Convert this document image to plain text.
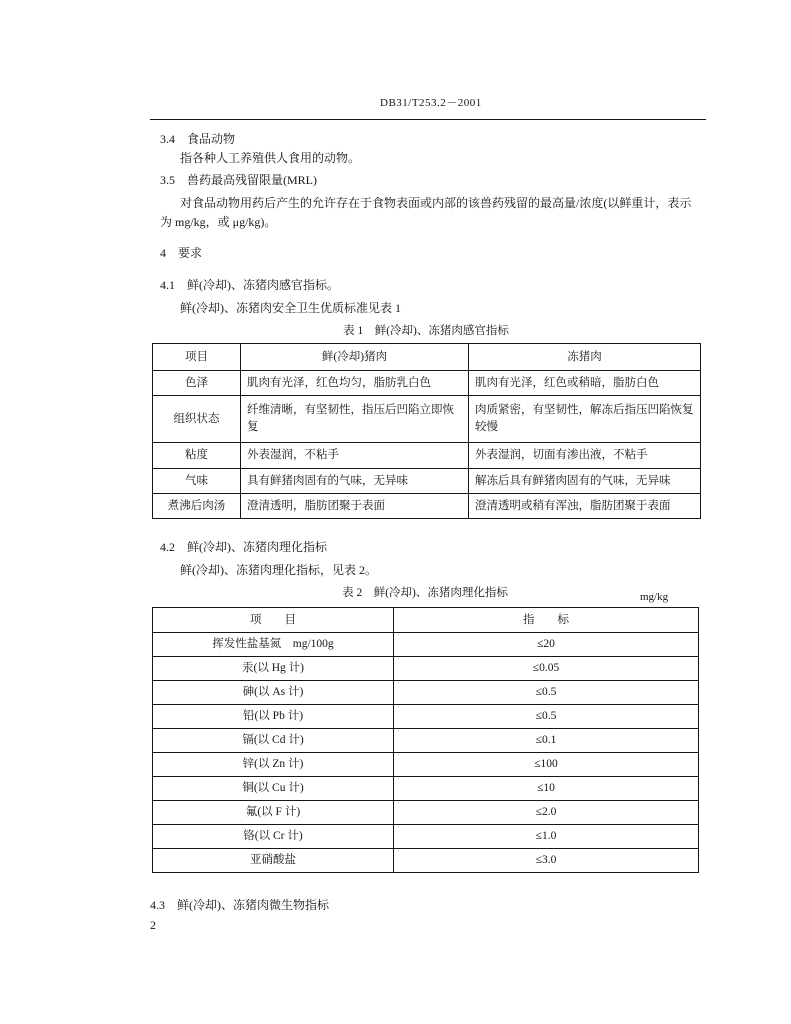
DB31/T253.2－2001
3.4　食品动物
指各种人工养殖供人食用的动物。
3.5　兽药最高残留限量(MRL)
对食品动物用药后产生的允许存在于食物表面或内部的该兽药残留的最高量/浓度(以鲜重计，表示
为 mg/kg，或 μg/kg)。
4　要求
4.1　鲜(冷却)、冻猪肉感官指标。
鲜(冷却)、冻猪肉安全卫生优质标准见表 1
表 1　鲜(冷却)、冻猪肉感官指标
项目	鲜(冷却)猪肉	冻猪肉
色泽	肌肉有光泽，红色均匀，脂肪乳白色	肌肉有光泽，红色或稍暗，脂肪白色
组织状态	纤维清晰，有坚韧性，指压后凹陷立即恢复	肉质紧密，有坚韧性，解冻后指压凹陷恢复较慢
粘度	外表湿润，不粘手	外表湿润，切面有渗出液，不粘手
气味	具有鲜猪肉固有的气味，无异味	解冻后具有鲜猪肉固有的气味，无异味
煮沸后肉汤	澄清透明，脂肪团聚于表面	澄清透明或稍有浑浊，脂肪团聚于表面
4.2　鲜(冷却)、冻猪肉理化指标
鲜(冷却)、冻猪肉理化指标，见表 2。
表 2　鲜(冷却)、冻猪肉理化指标	mg/kg
项　　目	指　　标
挥发性盐基氮　mg/100g	≤20
汞(以 Hg 计)	≤0.05
砷(以 As 计)	≤0.5
铅(以 Pb 计)	≤0.5
镉(以 Cd 计)	≤0.1
锌(以 Zn 计)	≤100
铜(以 Cu 计)	≤10
氟(以 F 计)	≤2.0
铬(以 Cr 计)	≤1.0
亚硝酸盐	≤3.0
4.3　鲜(冷却)、冻猪肉微生物指标
2
